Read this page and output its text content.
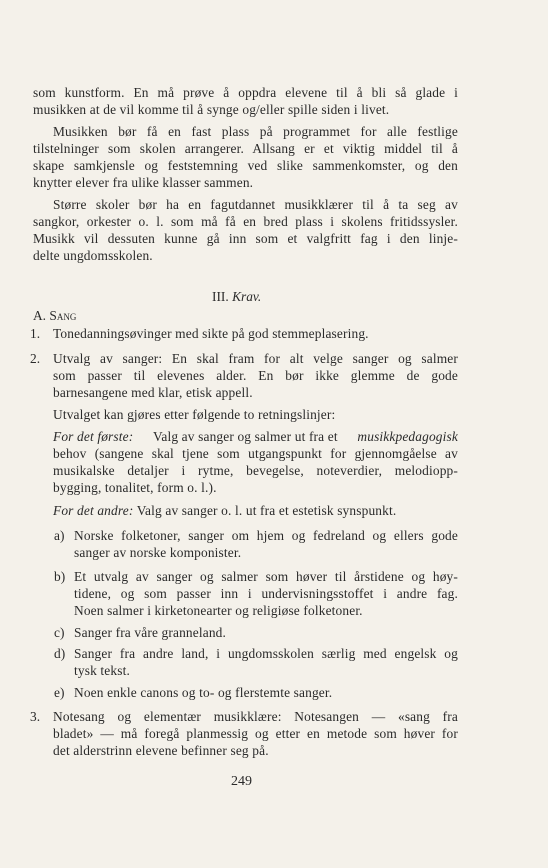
som kunstform. En må prøve å oppdra elevene til å bli så glade i
musikken at de vil komme til å synge og/eller spille siden i livet.
Musikken bør få en fast plass på programmet for alle festlige
tilstelninger som skolen arrangerer. Allsang er et viktig middel til å
skape samkjensle og feststemning ved slike sammenkomster, og den
knytter elever fra ulike klasser sammen.
Større skoler bør ha en fagutdannet musikklærer til å ta seg av
sangkor, orkester o. l. som må få en bred plass i skolens fritidssysler.
Musikk vil dessuten kunne gå inn som et valgfritt fag i den linje-
delte ungdomsskolen.
III. Krav.
A. Sang
1. Tonedanningsøvinger med sikte på god stemmeplasering.
2. Utvalg av sanger: En skal fram for alt velge sanger og salmer
som passer til elevenes alder. En bør ikke glemme de gode
barnesangene med klar, etisk appell.
Utvalget kan gjøres etter følgende to retningslinjer:
For det første: Valg av sanger og salmer ut fra et musikkpedagogisk
behov (sangene skal tjene som utgangspunkt for gjennomgåelse av
musikalske detaljer i rytme, bevegelse, noteverdier, melodiopp-
bygging, tonalitet, form o. l.).
For det andre: Valg av sanger o. l. ut fra et estetisk synspunkt.
a) Norske folketoner, sanger om hjem og fedreland og ellers gode
sanger av norske komponister.
b) Et utvalg av sanger og salmer som høver til årstidene og høy-
tidene, og som passer inn i undervisningsstoffet i andre fag.
Noen salmer i kirketonearter og religiøse folketoner.
c) Sanger fra våre granneland.
d) Sanger fra andre land, i ungdomsskolen særlig med engelsk og
tysk tekst.
e) Noen enkle canons og to- og flerstemte sanger.
3. Notesang og elementær musikklære: Notesangen — «sang fra
bladet» — må foregå planmessig og etter en metode som høver for
det alderstrinn elevene befinner seg på.
249
